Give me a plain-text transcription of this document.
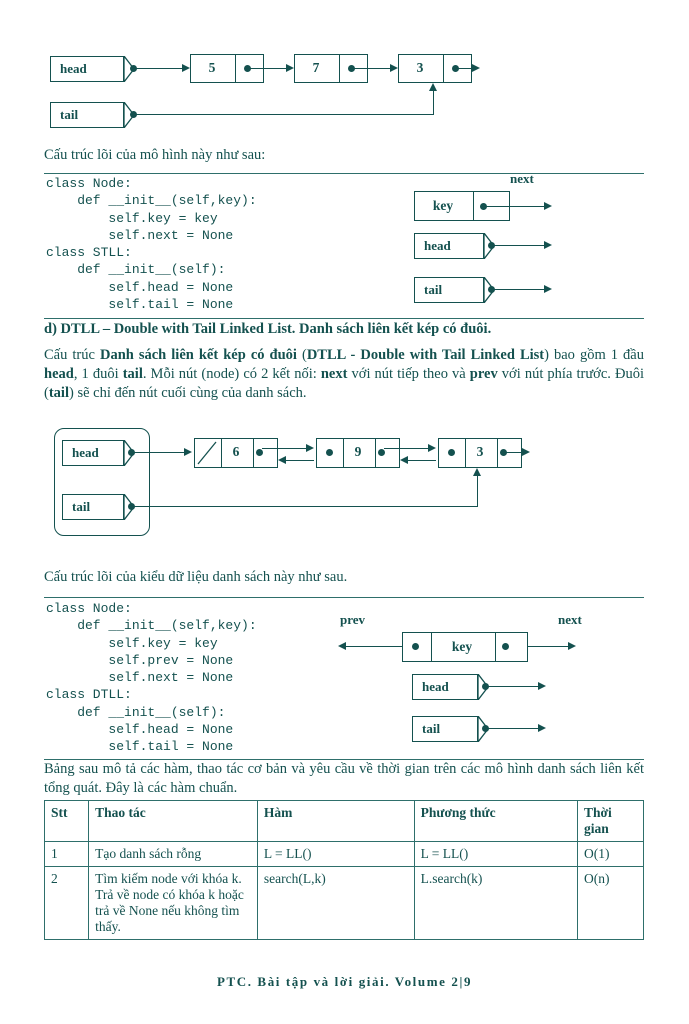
head	5	7	3
tail

Cấu trúc lõi của mô hình này như sau:

class Node:
def __init__(self,key):
self.key = key
self.next = None
class STLL:
def __init__(self):
self.head = None
self.tail = None
key
next
head
tail

d) DTLL – Double with Tail Linked List. Danh sách liên kết kép có đuôi.

Cấu trúc Danh sách liên kết kép có đuôi (DTLL - Double with Tail Linked List) bao gồm 1 đầu head, 1 đuôi tail. Mỗi nút (node) có 2 kết nối: next với nút tiếp theo và prev với nút phía trước. Đuôi (tail) sẽ chỉ đến nút cuối cùng của danh sách.

head	6	9	3
tail

Cấu trúc lõi của kiểu dữ liệu danh sách này như sau.

class Node:
def __init__(self,key):
self.key = key
self.prev = None
self.next = None
class DTLL:
def __init__(self):
self.head = None
self.tail = None
prev	next
key
head
tail

Bảng sau mô tả các hàm, thao tác cơ bản và yêu cầu về thời gian trên các mô hình danh sách liên kết tổng quát. Đây là các hàm chuẩn.

Stt	Thao tác	Hàm	Phương thức	Thời gian
1	Tạo danh sách rỗng	L = LL()	L = LL()	O(1)
2	Tìm kiếm node với khóa k. Trả về node có khóa k hoặc trả về None nếu không tìm thấy.	search(L,k)	L.search(k)	O(n)
PTC. Bài tập và lời giải. Volume 2|9
